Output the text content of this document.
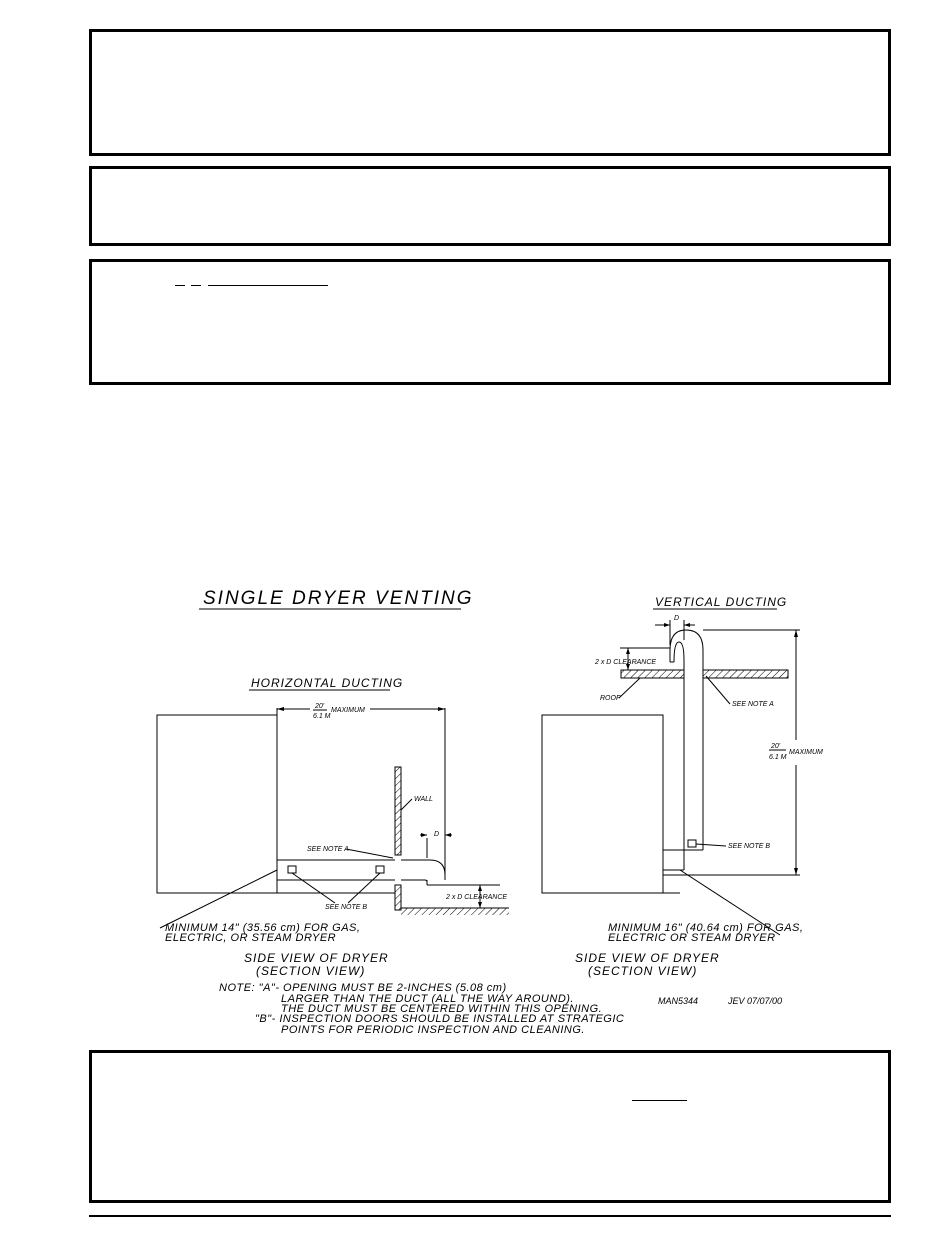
SINGLE DRYER VENTING
HORIZONTAL DUCTING
20'
6.1 M
MAXIMUM
WALL
D
2 x D CLEARANCE
SEE NOTE A
SEE NOTE B
MINIMUM 14" (35.56 cm) FOR GAS,
ELECTRIC, OR STEAM DRYER
SIDE VIEW OF DRYER
(SECTION VIEW)
VERTICAL DUCTING
D
2 x D CLEARANCE
ROOF
SEE NOTE A
20'
6.1 M
MAXIMUM
SEE NOTE B
MINIMUM 16" (40.64 cm) FOR GAS,
ELECTRIC OR STEAM DRYER
SIDE VIEW OF DRYER
(SECTION VIEW)
NOTE: "A"- OPENING MUST BE 2-INCHES (5.08 cm)
LARGER THAN THE DUCT (ALL THE WAY AROUND).
THE DUCT MUST BE CENTERED WITHIN THIS OPENING.
"B"- INSPECTION DOORS SHOULD BE INSTALLED AT STRATEGIC
POINTS FOR PERIODIC INSPECTION AND CLEANING.
MAN5344	JEV 07/07/00
